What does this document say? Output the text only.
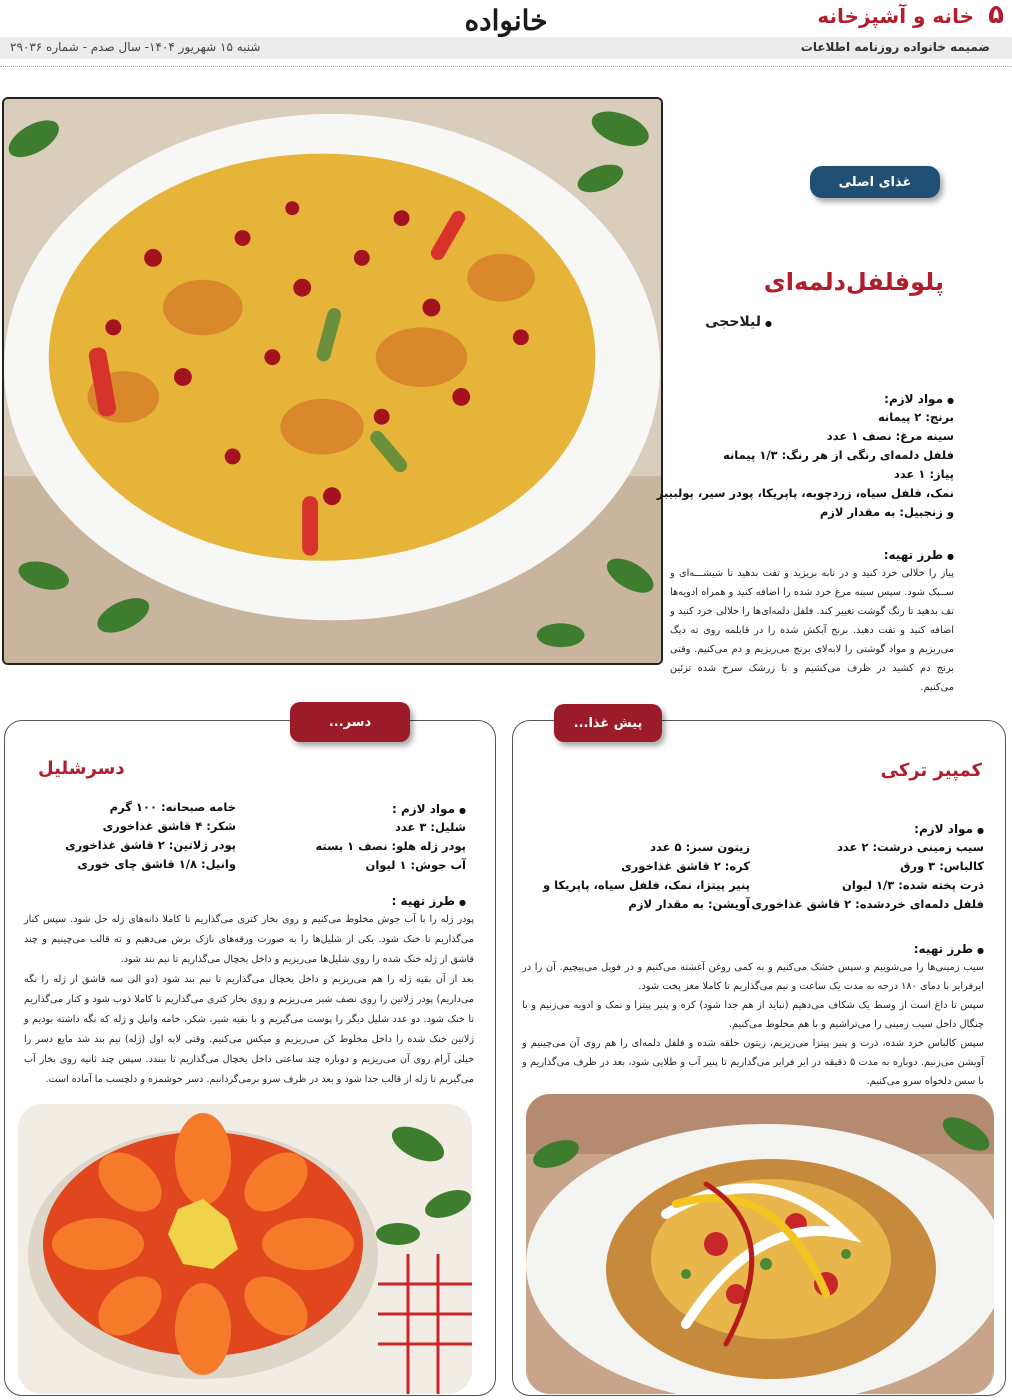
۵
خانه و آشپزخانه
خانواده
ضمیمه خانواده روزنامه اطلاعات
شنبه ۱۵ شهریور ۱۴۰۴- سال صدم - شماره ۲۹۰۳۶
غذای اصلی
پلوفلفل‌دلمه‌ای
● لیلا‌حجی
● مواد لازم:
برنج: ۲ پیمانه
سینه مرغ: نصف ۱ عدد
فلفل دلمه‌ای رنگی از هر رنگ: ۱/۳ پیمانه
پیاز: ۱ عدد
نمک، فلفل سیاه، زردچوبه، پاپریکا، پودر سیر، پولبیبر و زنجبیل: به مقدار لازم
● طرز تهیه:
پیاز را خلالی خرد کنید و در تابه بریزید و تفت بدهید تا شیشـــه‌ای و ســبک شود. سپس سینه مرغ خرد شده را اضافه کنید و همراه ادویه‌ها تف بدهید تا رنگ گوشت تغییر کند. فلفل دلمه‌ای‌ها را خلالی خرد کنید و اضافه کنید و تفت دهید. برنج آبکش شده را در قابلمه روی ته دیگ می‌ریزیم و مواد گوشتی را لابه‌لای برنج می‌ریزیم و دم می‌کنیم. وقتی برنج دم کشید در ظرف می‌کشیم و با زرشک سرخ شده تزئین می‌کنیم.
پیش غذا...
کمپیر ترکی
● مواد لازم:
سیب زمینی درشت: ۲ عدد
کالباس: ۳ ورق
ذرت پخته شده: ۱/۳ لیوان
فلفل دلمه‌ای خرد‌شده: ۲ قاشق غذاخوری
زیتون سبز: ۵ عدد
کره: ۲ قاشق غذاخوری
پنیر پیتزا، نمک، فلفل سیاه، پاپریکا و آویشن: به مقدار لازم
● طرز تهیه:
سیب زمینی‌ها را می‌شوییم و سپس خشک می‌کنیم و به کمی روغن آغشته می‌کنیم و در فویل می‌پیچیم. آن را در ایرفرایر با دمای ۱۸۰ درجه به مدت یک ساعت و نیم می‌گذاریم تا کاملا مغز پخت شود.
سپس تا داغ است از وسط یک شکاف می‌دهیم (نباید از هم جدا شود) کره و پنیر پیتزا و نمک و ادویه می‌زنیم و با چنگال داخل سیب زمینی را می‌تراشیم و با هم مخلوط می‌کنیم.
سپس کالباس خرد شده، ذرت و پنیر پیتزا می‌ریزیم، زیتون حلقه شده و فلفل دلمه‌ای را هم روی آن می‌چینیم و آویشن می‌زنیم. دوباره به مدت ۵ دقیقه در ایر فرایر می‌گذاریم تا پنیر آب و طلایی شود، بعد در ظرف می‌گذاریم و با سس دلخواه سرو می‌کنیم.
دسر...
دسر‌شلیل
● مواد لازم :
شلیل: ۳ عدد
پودر ژله هلو: نصف ۱ بسته
آب جوش: ۱ لیوان
خامه صبحانه: ۱۰۰ گرم
شکر: ۴ قاشق غذاخوری
پودر ژلاتین: ۲ قاشق غذاخوری
وانیل: ۱/۸ قاشق چای خوری
● طرز تهیه :
پودر ژله را با آب جوش مخلوط می‌کنیم و روی بخار کتری می‌گذاریم تا کاملا دانه‌های ژله حل شود. سپس کنار می‌گذاریم تا خنک شود. یکی از شلیل‌ها را به صورت ورقه‌های نازک برش می‌دهیم و ته قالب می‌چینیم و چند قاشق از ژله خنک شده را روی شلیل‌ها می‌ریزیم و داخل یخچال می‌گذاریم تا نیم بند شود.
بعد از آن بقیه ژله را هم می‌ریزیم و داخل یخچال می‌گذاریم تا نیم بند شود (دو الی سه قاشق از ژله را نگه می‌داریم) پودر ژلاتین را روی نصف شیر می‌ریزیم و روی بخار کتری می‌گذاریم تا کاملا ذوب شود و کنار می‌گذاریم تا خنک شود. دو عدد شلیل دیگر را پوست می‌گیریم و با بقیه شیر، شکر، خامه وانیل و ژله که نگه داشته بودیم و ژلاتین خنک شده را داخل مخلوط کن می‌ریزیم و میکس می‌کنیم. وقتی لایه اول (ژله) نیم بند شد مایع دسر را خیلی آرام روی آن می‌ریزیم و دوباره چند ساعتی داخل یخچال می‌گذاریم تا ببندد. سپس چند ثانیه روی بخار آب می‌گیریم تا ژله از قالب جدا شود و بعد در ظرف سرو برمی‌گردانیم. دسر خوشمزه و دلچسب ما آماده است.
